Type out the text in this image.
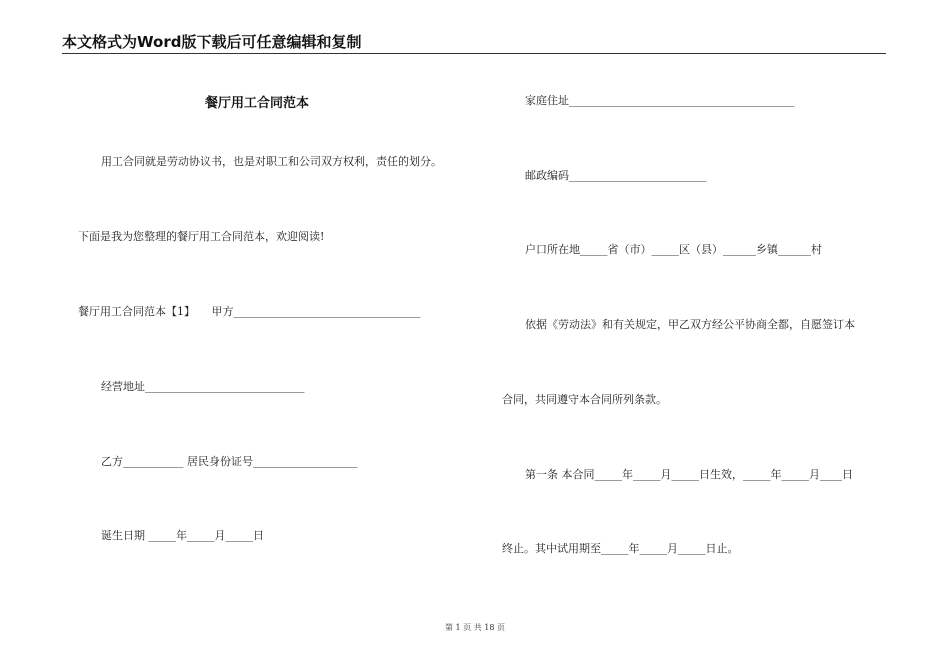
本文格式为Word版下载后可任意编辑和复制
餐厅用工合同范本
用工合同就是劳动协议书，也是对职工和公司双方权利，责任的划分。
下面是我为您整理的餐厅用工合同范本，欢迎阅读!
餐厅用工合同范本【1】　　甲方__________________________________
经营地址_____________________________
乙方___________ 居民身份证号___________________
诞生日期 _____年_____月_____日
家庭住址_________________________________________
邮政编码_________________________
户口所在地_____省（市）_____区（县）______乡镇______村
依据《劳动法》和有关规定，甲乙双方经公平协商全都，自愿签订本
合同，共同遵守本合同所列条款。
第一条 本合同_____年_____月_____日生效，_____年_____月____日
终止。其中试用期至_____年_____月_____日止。
第 1 页 共 18 页
